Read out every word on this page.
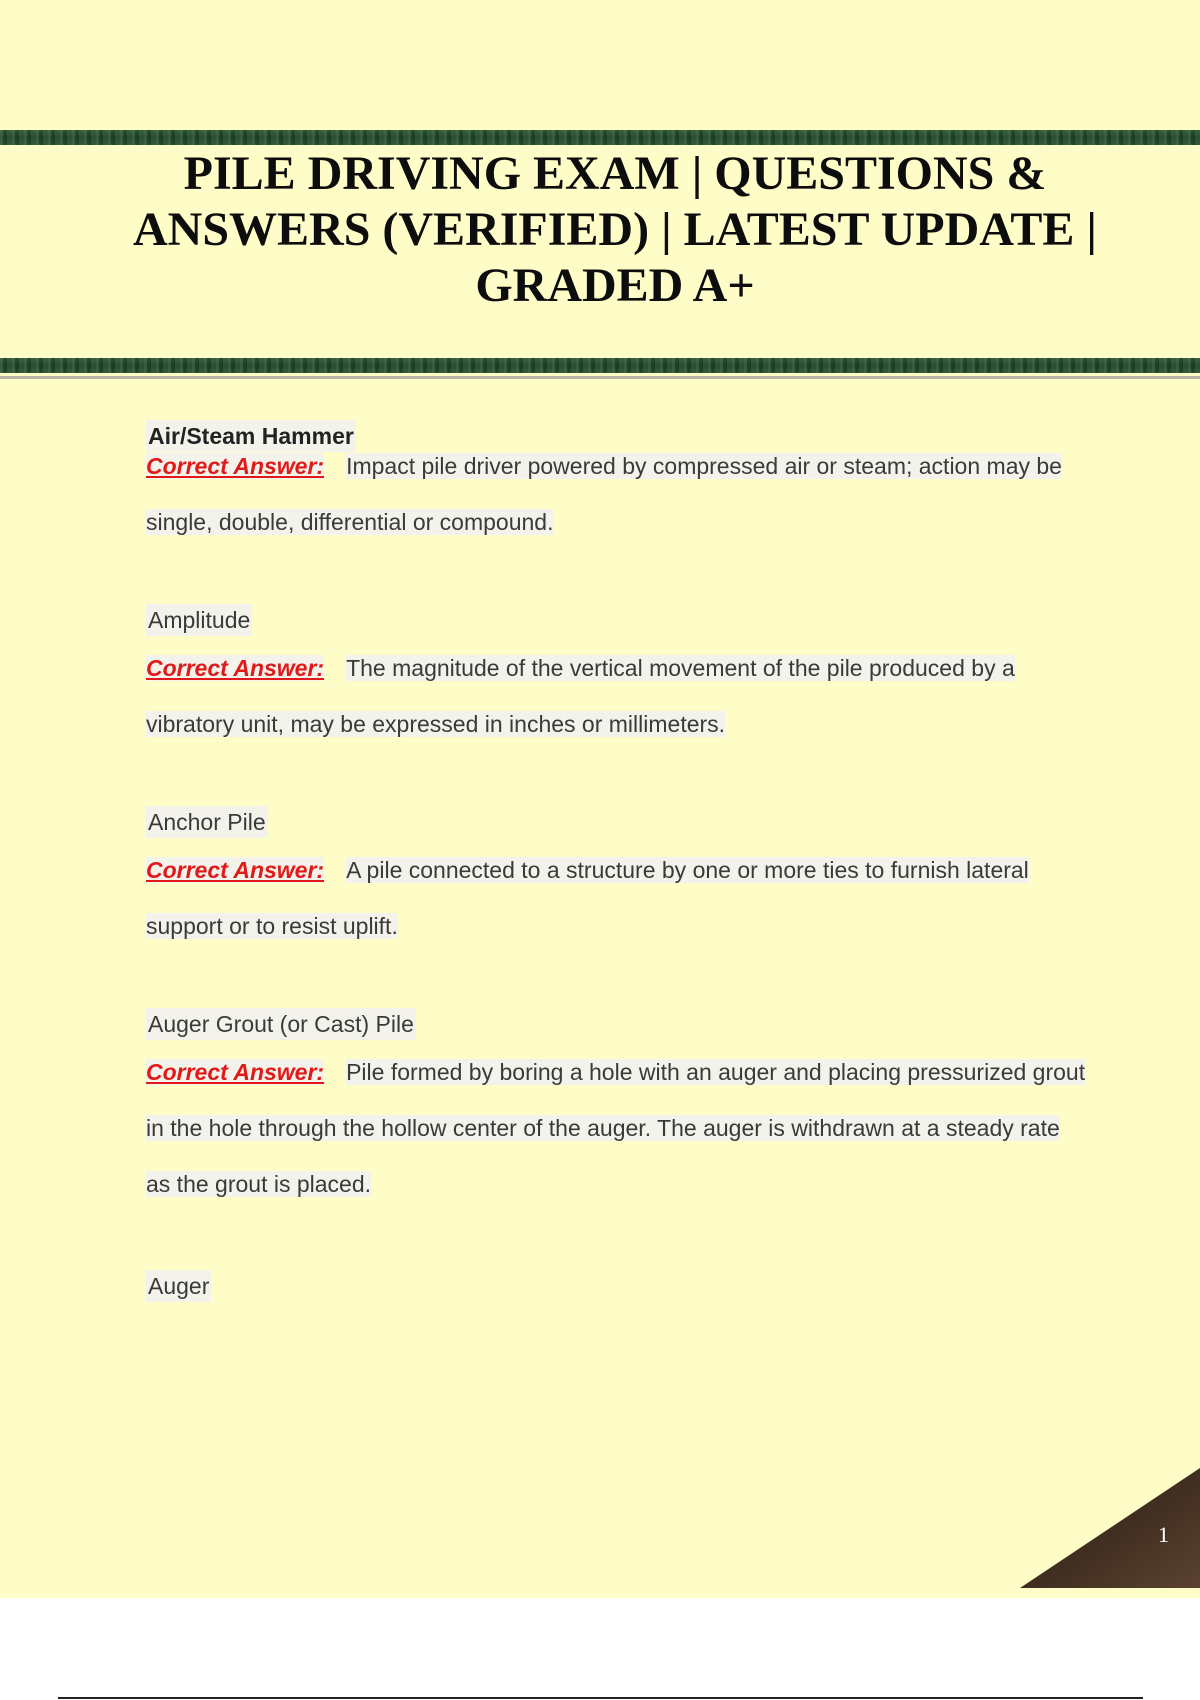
PILE DRIVING EXAM | QUESTIONS & ANSWERS (VERIFIED) | LATEST UPDATE | GRADED A+
Air/Steam Hammer

Correct Answer: Impact pile driver powered by compressed air or steam; action may be single, double, differential or compound.

Amplitude

Correct Answer: The magnitude of the vertical movement of the pile produced by a vibratory unit, may be expressed in inches or millimeters.

Anchor Pile

Correct Answer: A pile connected to a structure by one or more ties to furnish lateral support or to resist uplift.

Auger Grout (or Cast) Pile

Correct Answer: Pile formed by boring a hole with an auger and placing pressurized grout in the hole through the hollow center of the auger. The auger is withdrawn at a steady rate as the grout is placed.

Auger
1
